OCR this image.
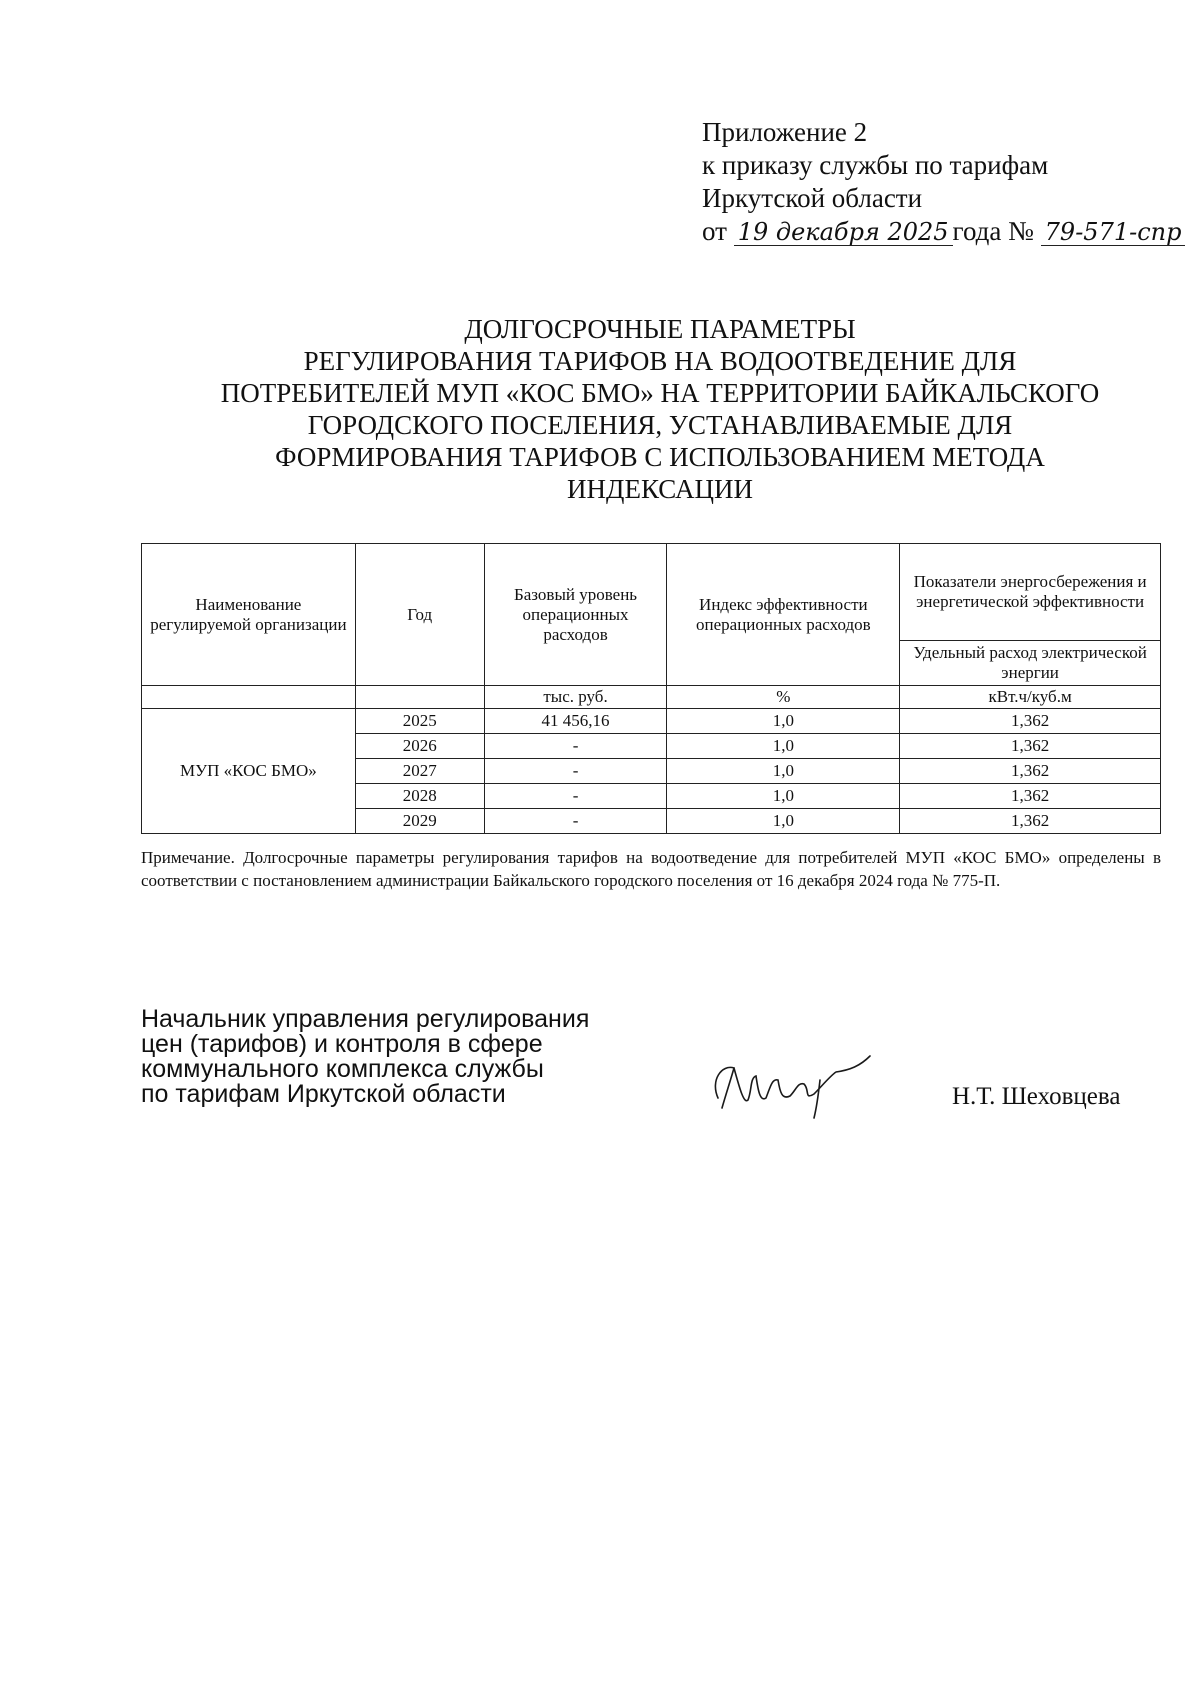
Приложение 2
к приказу службы по тарифам
Иркутской области
от 19 декабря 2025 года № 79-571-спр
ДОЛГОСРОЧНЫЕ ПАРАМЕТРЫ
РЕГУЛИРОВАНИЯ ТАРИФОВ НА ВОДООТВЕДЕНИЕ ДЛЯ
ПОТРЕБИТЕЛЕЙ МУП «КОС БМО» НА ТЕРРИТОРИИ БАЙКАЛЬСКОГО
ГОРОДСКОГО ПОСЕЛЕНИЯ, УСТАНАВЛИВАЕМЫЕ ДЛЯ
ФОРМИРОВАНИЯ ТАРИФОВ С ИСПОЛЬЗОВАНИЕМ МЕТОДА
ИНДЕКСАЦИИ
Наименование регулируемой организации	Год	Базовый уровень операционных расходов	Индекс эффективности операционных расходов	Показатели энергосбережения и энергетической эффективности
				Удельный расход электрической энергии
		тыс. руб.	%	кВт.ч/куб.м
МУП «КОС БМО»	2025	41 456,16	1,0	1,362
	2026	-	1,0	1,362
	2027	-	1,0	1,362
	2028	-	1,0	1,362
	2029	-	1,0	1,362
Примечание. Долгосрочные параметры регулирования тарифов на водоотведение для потребителей МУП «КОС БМО» определены в соответствии с постановлением администрации Байкальского городского поселения от 16 декабря 2024 года № 775-П.
Начальник управления регулирования
цен (тарифов) и контроля в сфере
коммунального комплекса службы
по тарифам Иркутской области	Н.Т. Шеховцева
